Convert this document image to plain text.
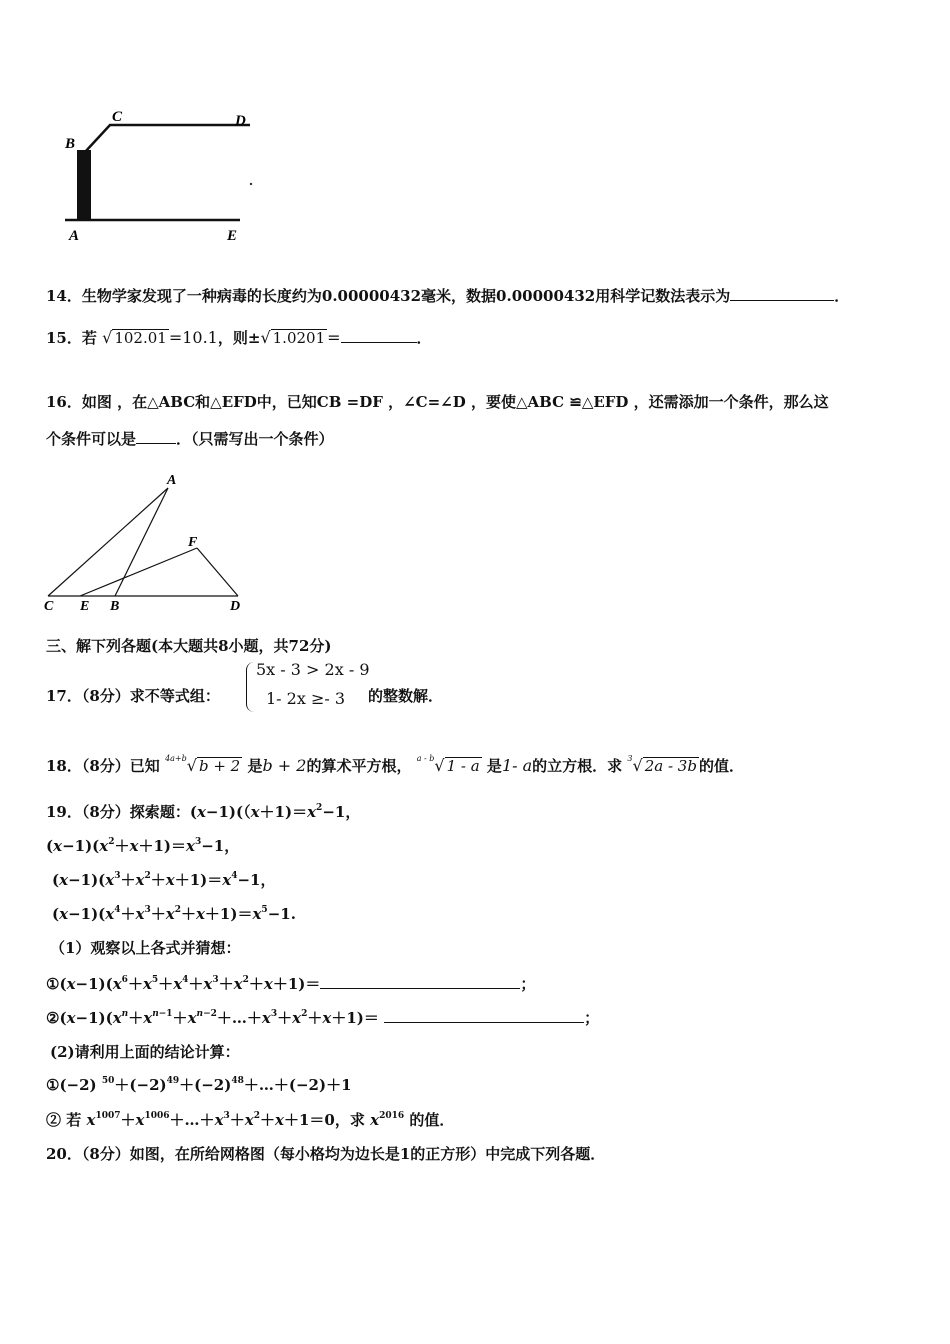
B
C	D
A	E
14．生物学家发现了一种病毒的长度约为0.00000432毫米，数据0.00000432用科学记数法表示为	．
15．若 √ 102.01 =10.1，则±√ 1.0201 =	．
16．如图 ，在△ABC和△EFD中，已知CB =DF ，∠C=∠D ，要使△ABC ≌△EFD ，还需添加一个条件，那么这
个条件可以是	．（只需写出一个条件）
A
F
C E B	D
三、解下列各题(本大题共8小题，共72分)
17．（8分）求不等式组：
5x - 3 > 2x - 9
1- 2x ≥- 3 的整数解．
18．（8分）已知 $^{4a+b}$√ b + 2 是b + 2的算术平方根， $^{a - b}$√ 1 - a 是1- a的立方根．求 $^3$√ 2a - 3b 的值．
19．（8分）探索题：$(x-1)((x+1)=x^2-1$，
$(x-1)(x^2+x+1)=x^3-1$，
$(x-1)(x^3+x^2+x+1)=x^4-1$，
$(x-1)(x^4+x^3+x^2+x+1)=x^5-1$.
（1）观察以上各式并猜想：
$①(x-1)(x^6+x^5+x^4+x^3+x^2+x+1)=$	；
$②(x-1)(x^n+x^{n-1}+x^{n-2}+\dots+x^3+x^2+x+1)=$	；
(2)请利用上面的结论计算：
①(−2) $^{50}+(-2)^{49}+(-2)^{48}+\dots+(-2)+1$
② 若 $x^{1007}+x^{1006}+\dots+x^3+x^2+x+1=0$，求 $x^{2016}$ 的值．
20．（8分）如图，在所给网格图（每小格均为边长是1的正方形）中完成下列各题．
